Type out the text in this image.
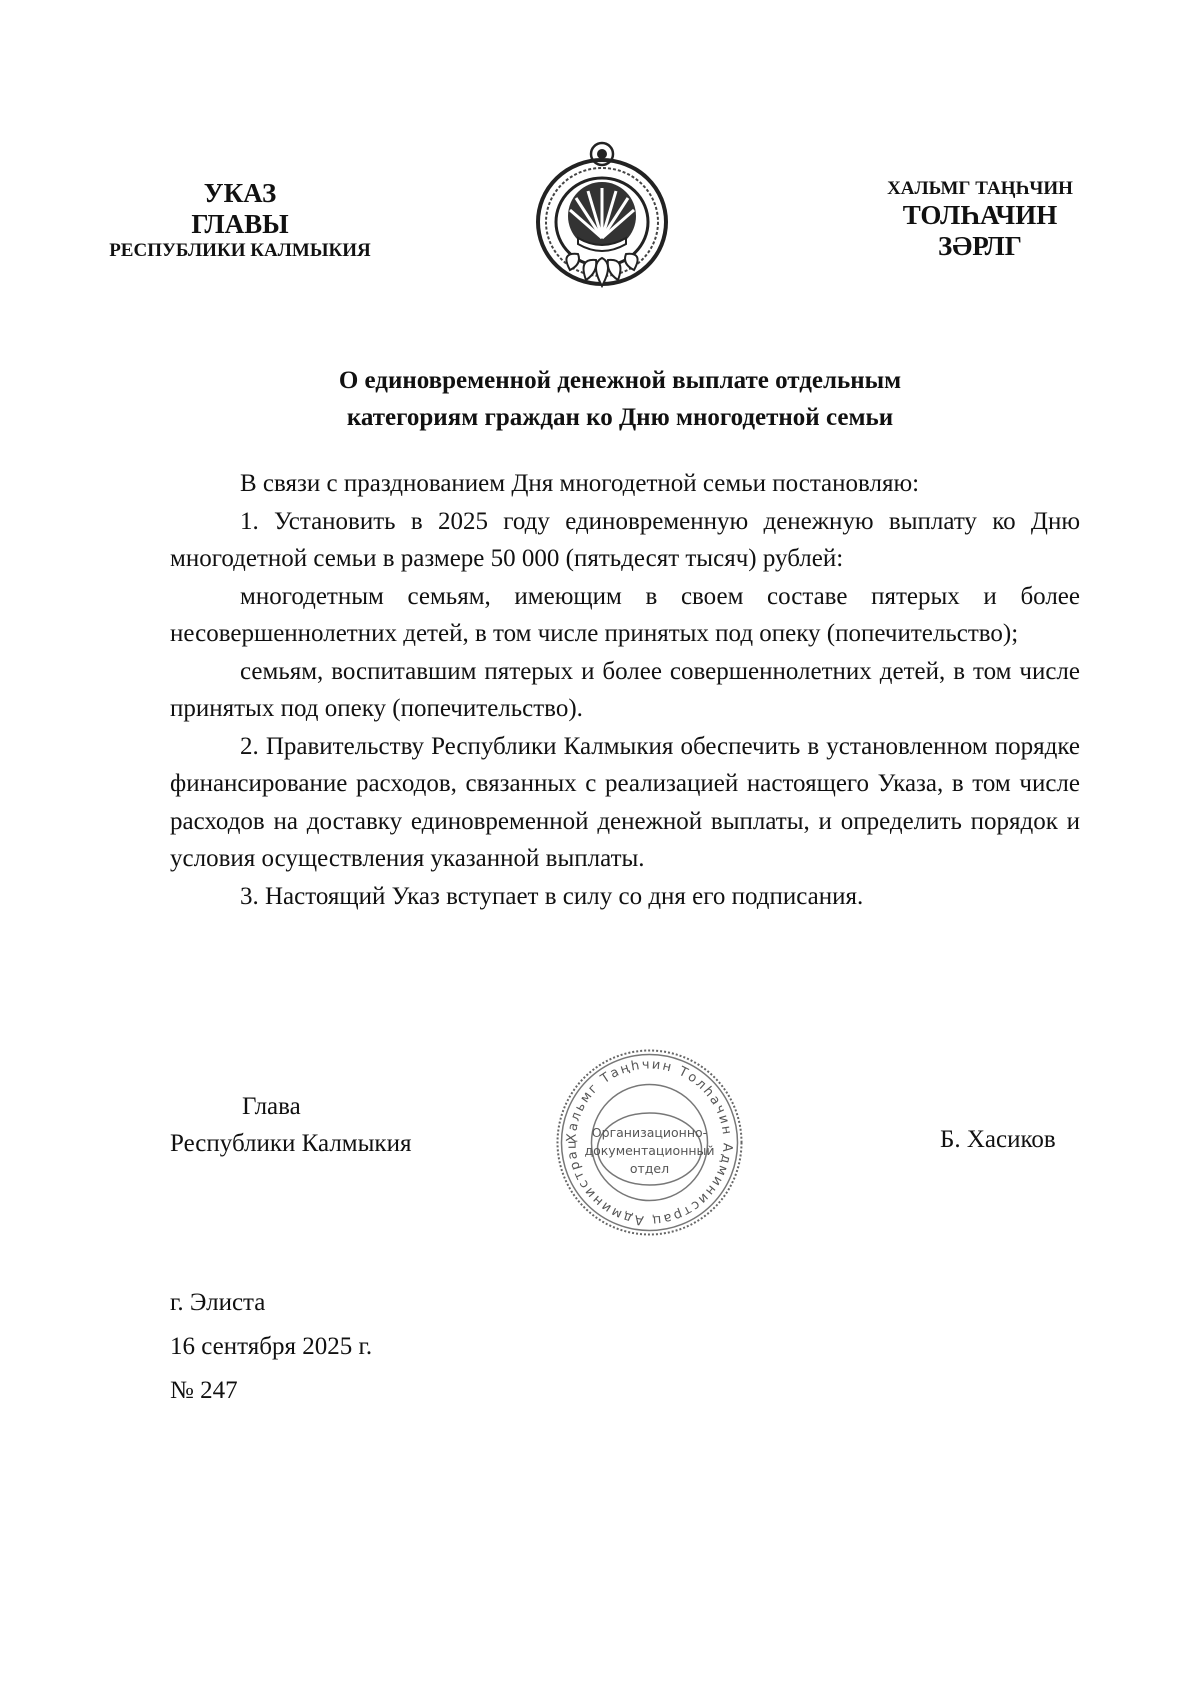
УКАЗ
ГЛАВЫ
РЕСПУБЛИКИ КАЛМЫКИЯ
ХАЛЬМГ ТАҢҺЧИН
ТОЛҺАЧИН
ЗӘРЛГ
О единовременной денежной выплате отдельным
категориям граждан ко Дню многодетной семьи

В связи с празднованием Дня многодетной семьи постановляю:

1. Установить в 2025 году единовременную денежную выплату ко Дню многодетной семьи в размере 50 000 (пятьдесят тысяч) рублей:

многодетным семьям, имеющим в своем составе пятерых и более несовершеннолетних детей, в том числе принятых под опеку (попечительство);

семьям, воспитавшим пятерых и более совершеннолетних детей, в том числе принятых под опеку (попечительство).

2. Правительству Республики Калмыкия обеспечить в установленном порядке финансирование расходов, связанных с реализацией настоящего Указа, в том числе расходов на доставку единовременной денежной выплаты, и определить порядок и условия осуществления указанной выплаты.

3. Настоящий Указ вступает в силу со дня его подписания.

Глава
Республики Калмыкия	Хальмг Таңһчин Толһачин Администрац Администрац
Организационно-
документационный
отдел
Б. Хасиков
г. Элиста
16 сентября 2025 г.
№ 247
